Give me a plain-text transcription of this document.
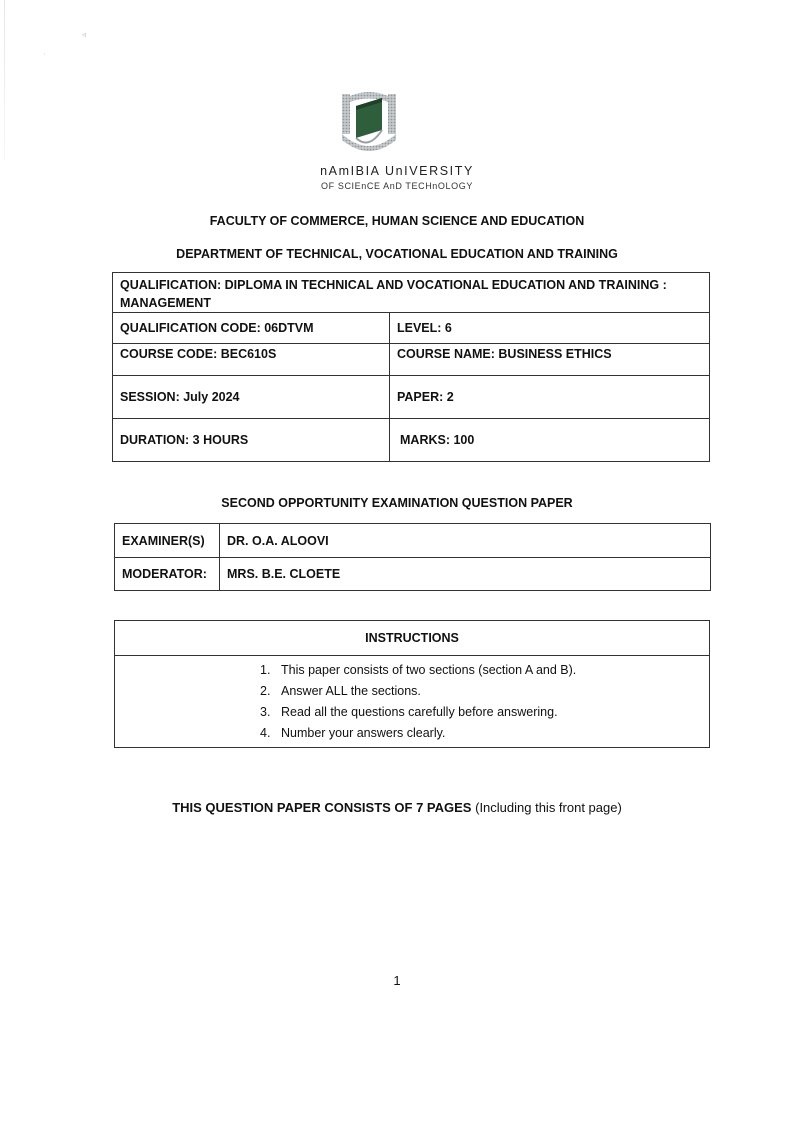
◃
ˈ
nAmIBIA UnIVERSITY
OF SCIEnCE AnD TECHnOLOGY
FACULTY OF COMMERCE, HUMAN SCIENCE AND EDUCATION
DEPARTMENT OF TECHNICAL, VOCATIONAL EDUCATION AND TRAINING
QUALIFICATION: DIPLOMA IN TECHNICAL AND VOCATIONAL EDUCATION AND TRAINING : MANAGEMENT	
QUALIFICATION CODE: 06DTVM	LEVEL: 6
COURSE CODE: BEC610S	COURSE NAME: BUSINESS ETHICS
SESSION: July 2024	PAPER: 2
DURATION: 3 HOURS	MARKS: 100
SECOND OPPORTUNITY EXAMINATION QUESTION PAPER
EXAMINER(S)	DR. O.A. ALOOVI
MODERATOR:	MRS. B.E. CLOETE
INSTRUCTIONS

1. This paper consists of two sections (section A and B).
2. Answer ALL the sections.
3. Read all the questions carefully before answering.
4. Number your answers clearly.
THIS QUESTION PAPER CONSISTS OF 7 PAGES (Including this front page)
1
